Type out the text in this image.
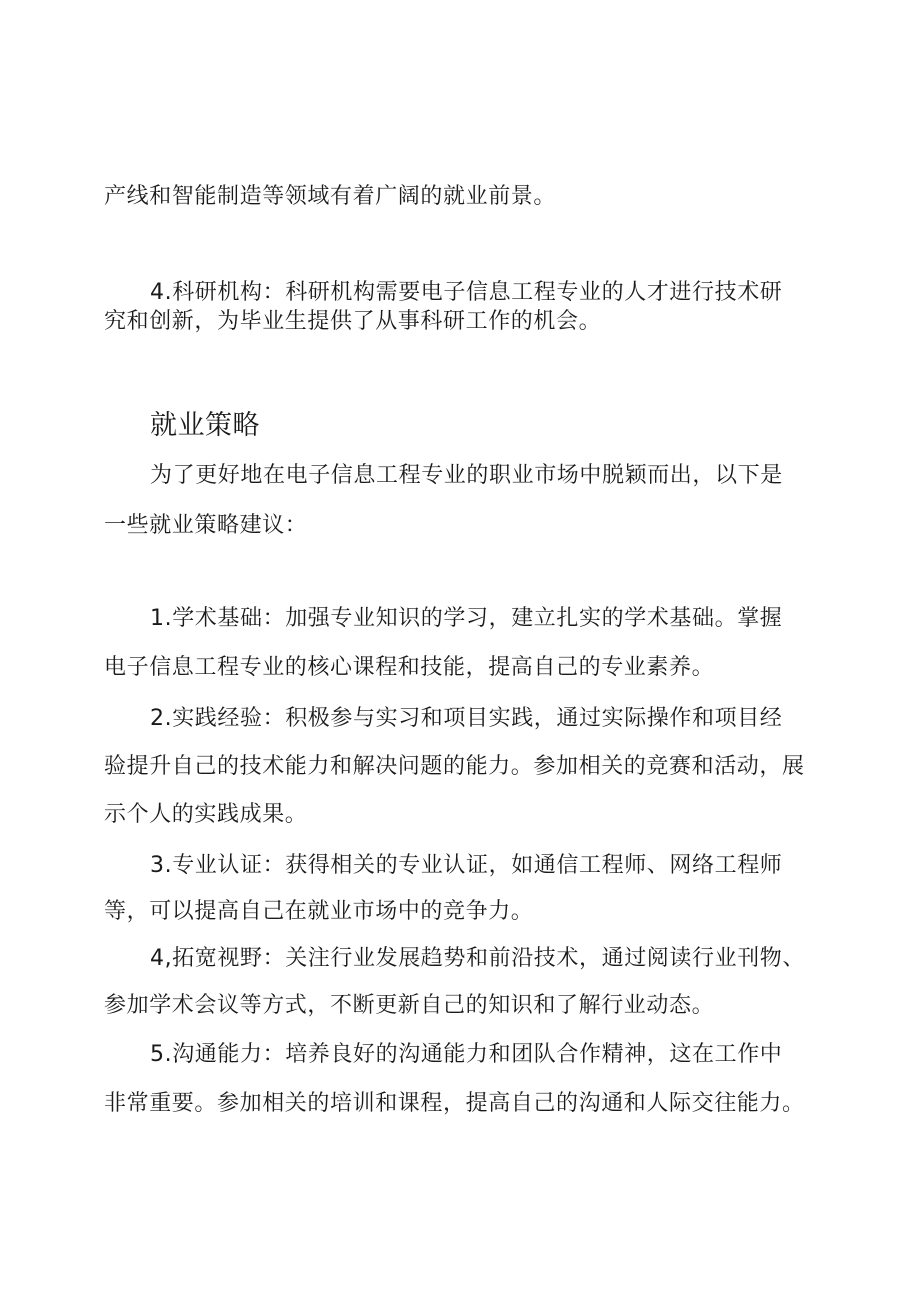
产线和智能制造等领域有着广阔的就业前景。
4.科研机构：科研机构需要电子信息工程专业的人才进行技术研
究和创新，为毕业生提供了从事科研工作的机会。
就业策略
为了更好地在电子信息工程专业的职业市场中脱颖而出，以下是
一些就业策略建议：
1.学术基础：加强专业知识的学习，建立扎实的学术基础。掌握
电子信息工程专业的核心课程和技能，提高自己的专业素养。
2.实践经验：积极参与实习和项目实践，通过实际操作和项目经
验提升自己的技术能力和解决问题的能力。参加相关的竞赛和活动，展
示个人的实践成果。
3.专业认证：获得相关的专业认证，如通信工程师、网络工程师
等，可以提高自己在就业市场中的竞争力。
4,拓宽视野：关注行业发展趋势和前沿技术，通过阅读行业刊物、
参加学术会议等方式，不断更新自己的知识和了解行业动态。
5.沟通能力：培养良好的沟通能力和团队合作精神，这在工作中
非常重要。参加相关的培训和课程，提高自己的沟通和人际交往能力。
